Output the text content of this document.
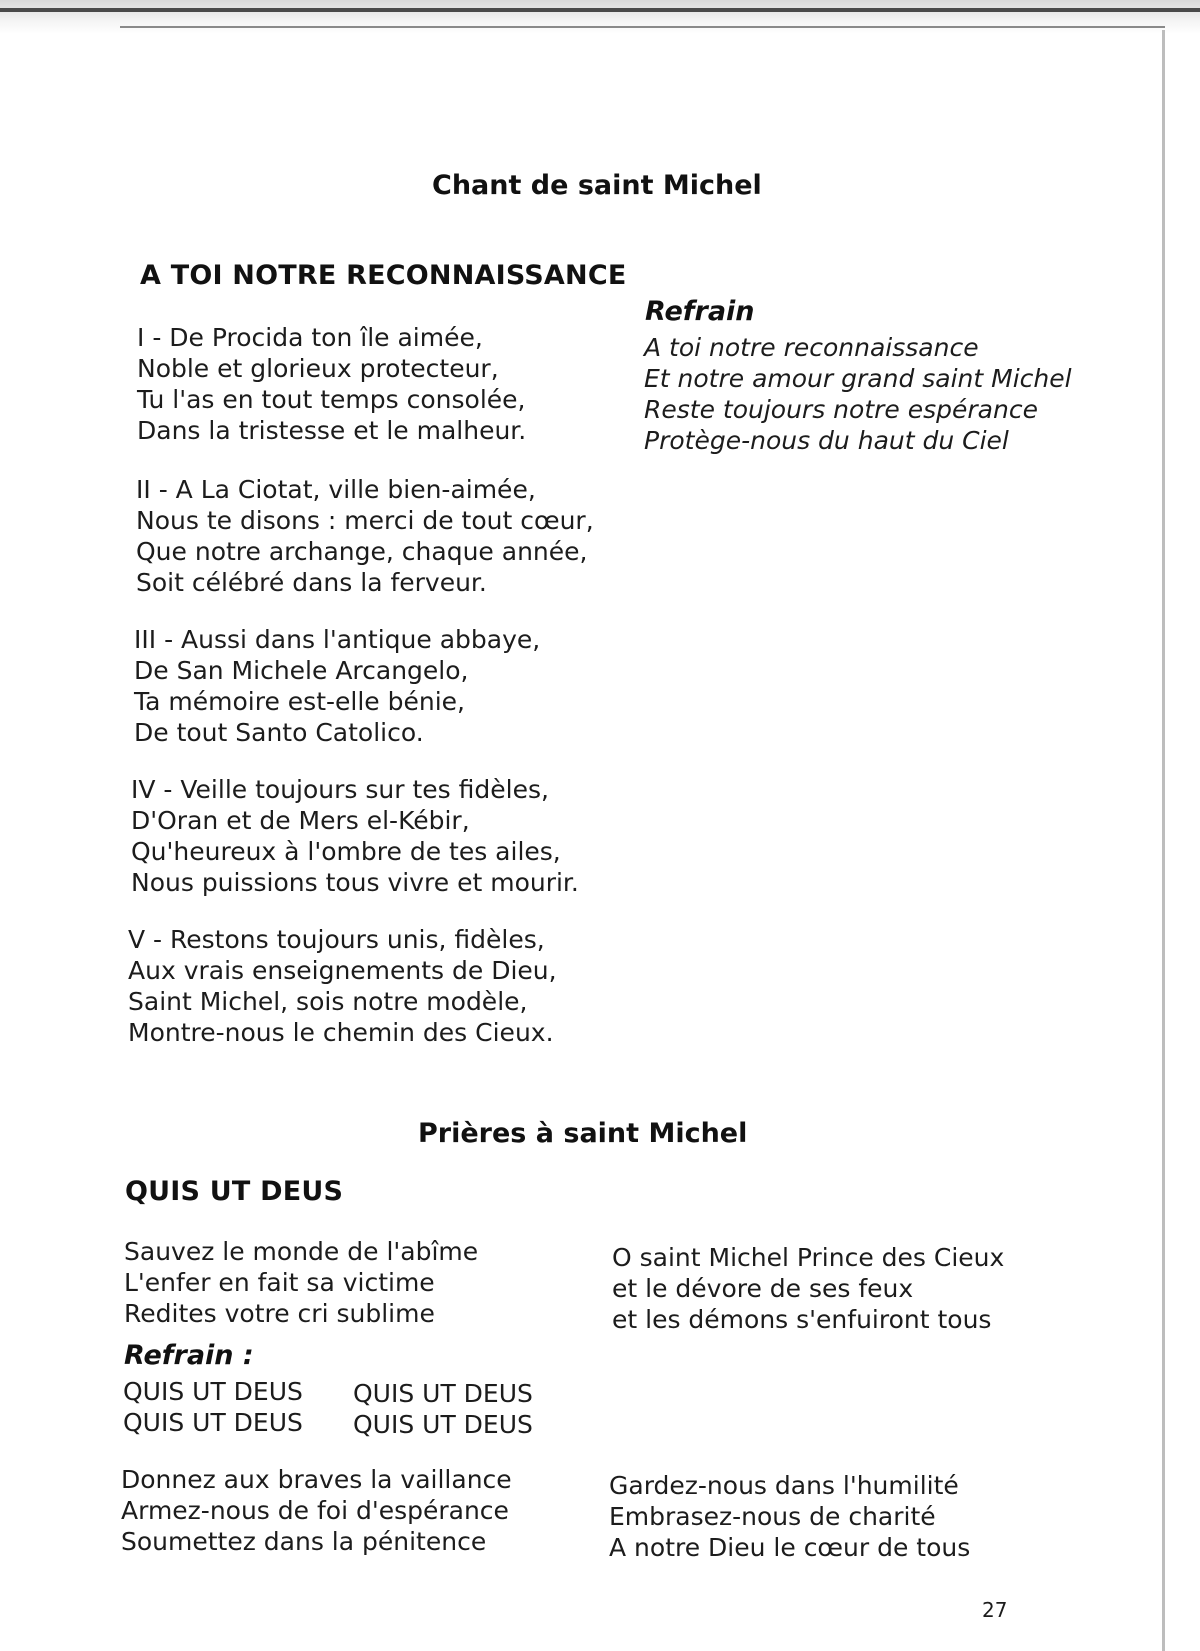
Chant de saint Michel
A TOI NOTRE RECONNAISSANCE
I - De Procida ton île aimée,
Noble et glorieux protecteur,
Tu l'as en tout temps consolée,
Dans la tristesse et le malheur.
II - A La Ciotat, ville bien-aimée,
Nous te disons : merci de tout cœur,
Que notre archange, chaque année,
Soit célébré dans la ferveur.
III - Aussi dans l'antique abbaye,
De San Michele Arcangelo,
Ta mémoire est-elle bénie,
De tout Santo Catolico.
IV - Veille toujours sur tes fidèles,
D'Oran et de Mers el-Kébir,
Qu'heureux à l'ombre de tes ailes,
Nous puissions tous vivre et mourir.
V - Restons toujours unis, fidèles,
Aux vrais enseignements de Dieu,
Saint Michel, sois notre modèle,
Montre-nous le chemin des Cieux.
Refrain
A toi notre reconnaissance
Et notre amour grand saint Michel
Reste toujours notre espérance
Protège-nous du haut du Ciel
Prières à saint Michel
QUIS UT DEUS
Sauvez le monde de l'abîme
L'enfer en fait sa victime
Redites votre cri sublime
O saint Michel Prince des Cieux
et le dévore de ses feux
et les démons s'enfuiront tous
Refrain :
QUIS UT DEUS
QUIS UT DEUS
QUIS UT DEUS
QUIS UT DEUS
Donnez aux braves la vaillance
Armez-nous de foi d'espérance
Soumettez dans la pénitence
Gardez-nous dans l'humilité
Embrasez-nous de charité
A notre Dieu le cœur de tous
27
